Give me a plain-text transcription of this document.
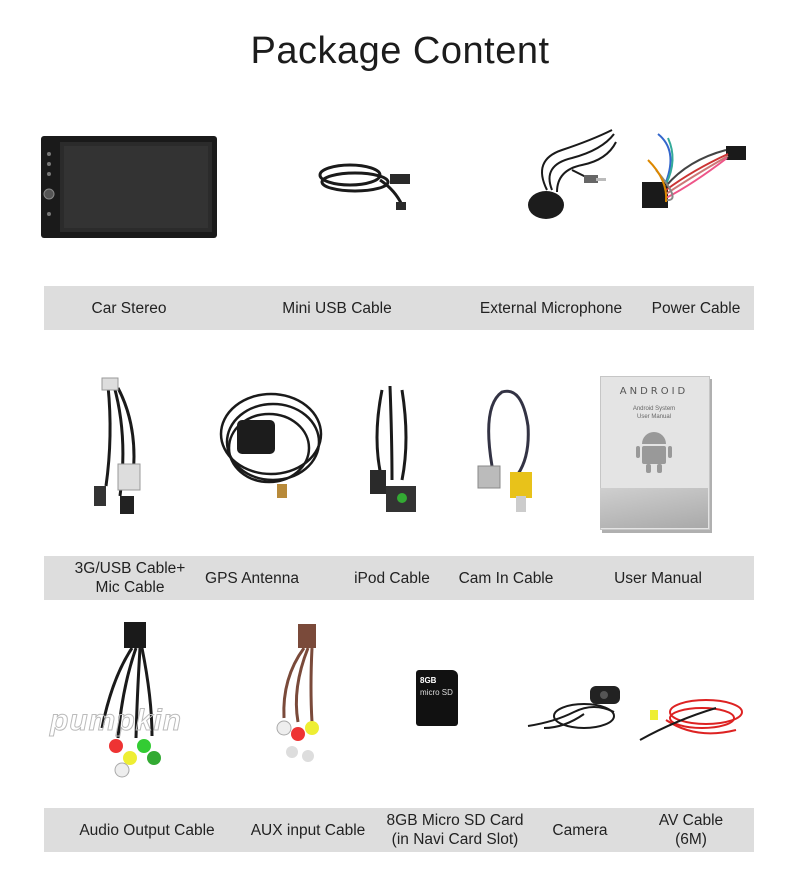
Package Content
Car Stereo	Mini USB Cable	External Microphone	Power Cable
ANDROID
Android System
User Manual
3G/USB Cable+
Mic Cable
GPS Antenna	iPod Cable	Cam In Cable	User Manual
pumpkin
8GB
micro SD
Audio Output Cable	AUX input Cable
8GB Micro SD Card
(in Navi Card Slot)
Camera
AV Cable
(6M)
